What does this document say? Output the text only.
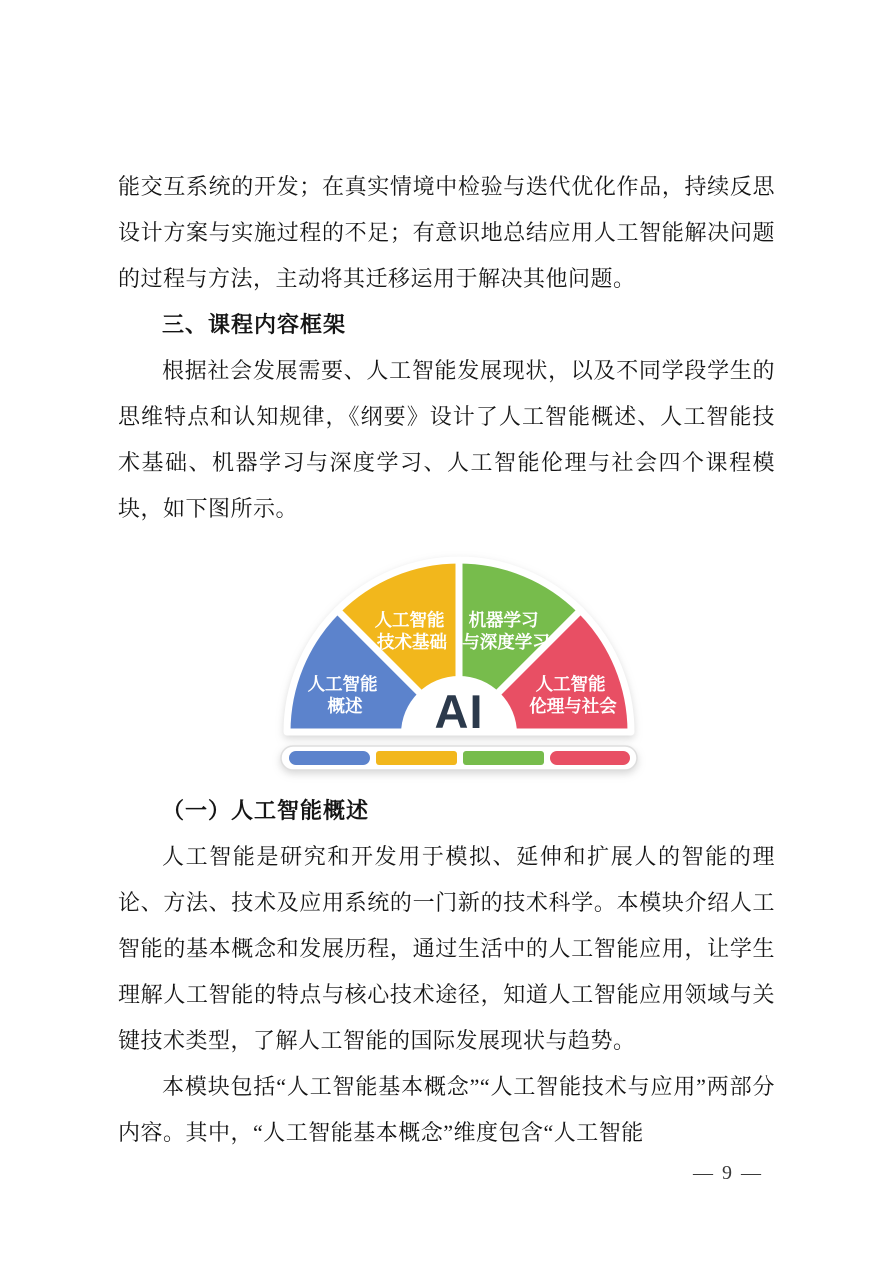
能交互系统的开发；在真实情境中检验与迭代优化作品，持续反思设计方案与实施过程的不足；有意识地总结应用人工智能解决问题的过程与方法，主动将其迁移运用于解决其他问题。

三、课程内容框架

根据社会发展需要、人工智能发展现状，以及不同学段学生的思维特点和认知规律，《纲要》设计了人工智能概述、人工智能技术基础、机器学习与深度学习、人工智能伦理与社会四个课程模块，如下图所示。

人工智能 概述
人工智能 技术基础
机器学习 与深度学习
人工智能 伦理与社会
AI
（一）人工智能概述

人工智能是研究和开发用于模拟、延伸和扩展人的智能的理论、方法、技术及应用系统的一门新的技术科学。本模块介绍人工智能的基本概念和发展历程，通过生活中的人工智能应用，让学生理解人工智能的特点与核心技术途径，知道人工智能应用领域与关键技术类型，了解人工智能的国际发展现状与趋势。

本模块包括“人工智能基本概念”“人工智能技术与应用”两部分内容。其中，“人工智能基本概念”维度包含“人工智能

— 9 —
